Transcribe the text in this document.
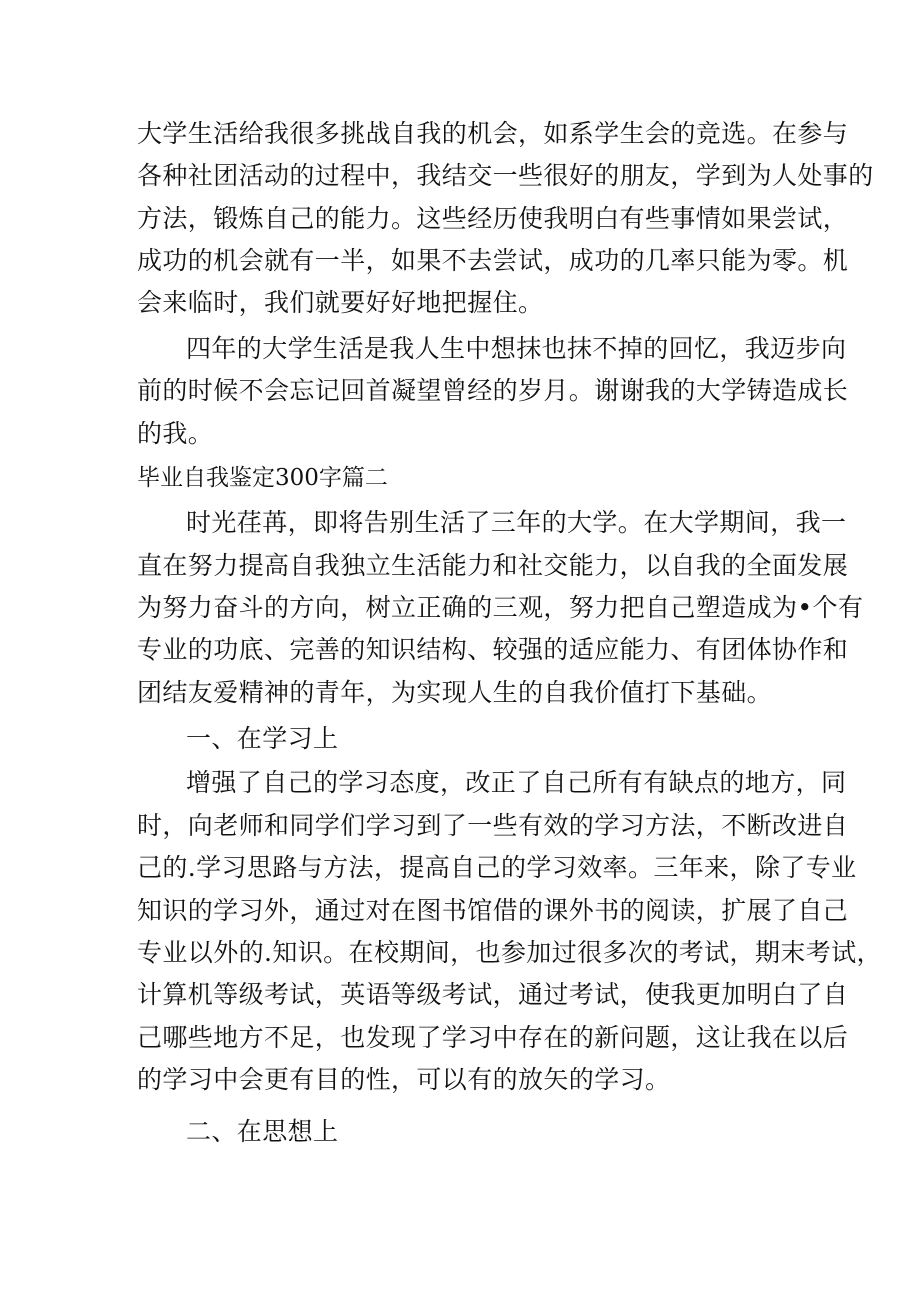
大学生活给我很多挑战自我的机会，如系学生会的竞选。在参与

各种社团活动的过程中，我结交一些很好的朋友，学到为人处事的

方法，锻炼自己的能力。这些经历使我明白有些事情如果尝试，

成功的机会就有一半，如果不去尝试，成功的几率只能为零。机

会来临时，我们就要好好地把握住。

四年的大学生活是我人生中想抹也抹不掉的回忆，我迈步向

前的时候不会忘记回首凝望曾经的岁月。谢谢我的大学铸造成长

的我。

毕业自我鉴定300字篇二

时光荏苒，即将告别生活了三年的大学。在大学期间，我一

直在努力提高自我独立生活能力和社交能力，以自我的全面发展

为努力奋斗的方向，树立正确的三观，努力把自己塑造成为•个有

专业的功底、完善的知识结构、较强的适应能力、有团体协作和

团结友爱精神的青年，为实现人生的自我价值打下基础。

一、在学习上

增强了自己的学习态度，改正了自己所有有缺点的地方，同

时，向老师和同学们学习到了一些有效的学习方法，不断改进自

己的.学习思路与方法，提高自己的学习效率。三年来，除了专业

知识的学习外，通过对在图书馆借的课外书的阅读，扩展了自己

专业以外的.知识。在校期间，也参加过很多次的考试，期末考试，

计算机等级考试，英语等级考试，通过考试，使我更加明白了自

己哪些地方不足，也发现了学习中存在的新问题，这让我在以后

的学习中会更有目的性，可以有的放矢的学习。

二、在思想上
